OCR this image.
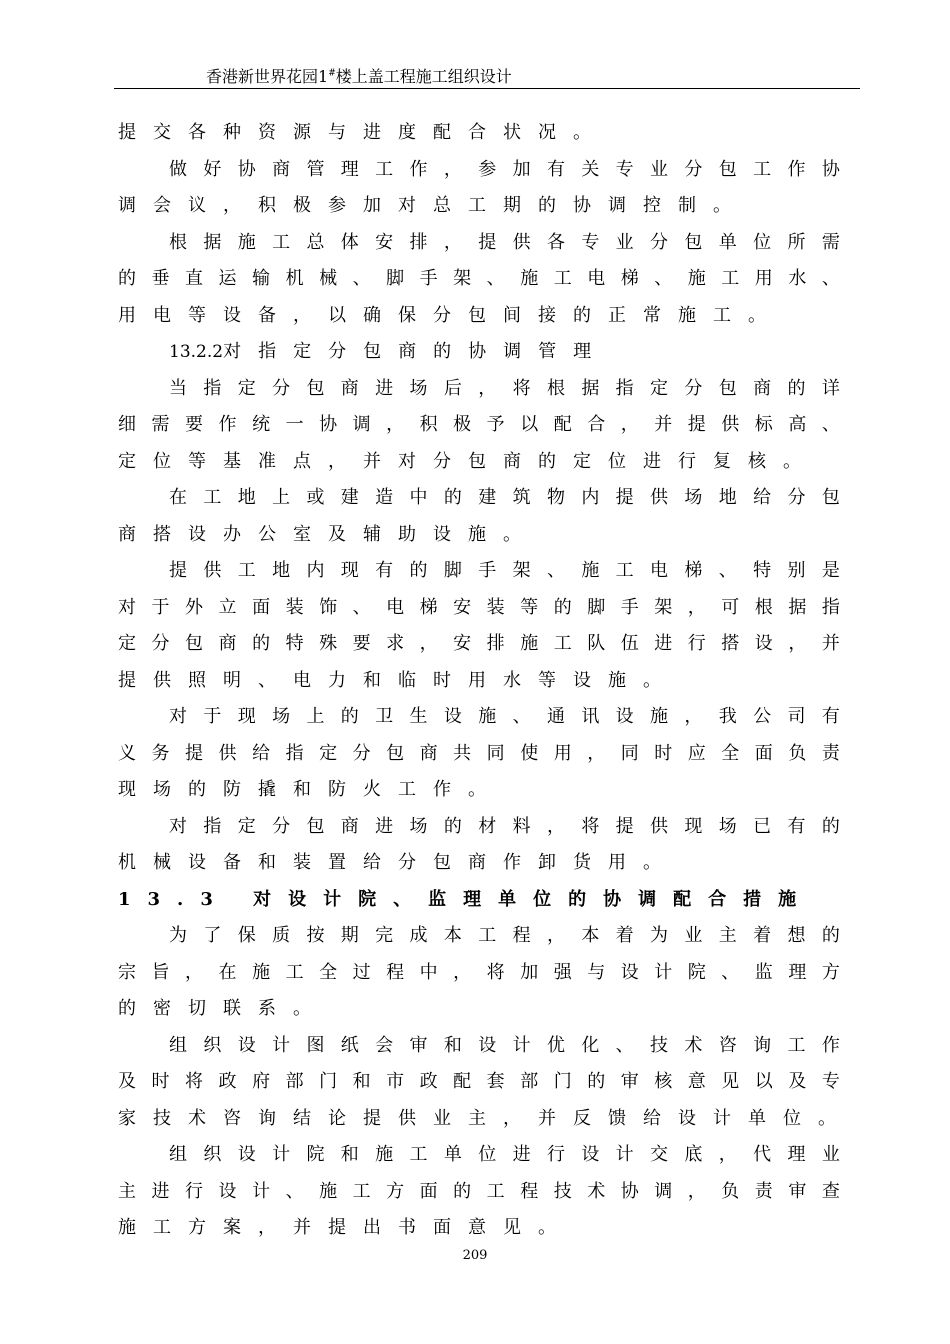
香港新世界花园1#楼上盖工程施工组织设计
提交各种资源与进度配合状况。
做 好 协 商 管 理 工 作 ， 参 加 有 关 专 业 分 包 工 作 协
调会议，积极参加对总工期的协调控制。
根 据 施 工 总 体 安 排 ， 提 供 各 专 业 分 包 单 位 所 需
的 垂 直 运 输 机 械 、 脚 手 架 、 施 工 电 梯 、 施 工 用 水 、
用电等设备，以确保分包间接的正常施工。
13.2.2对指定分包商的协调管理
当 指 定 分 包 商 进 场 后 ， 将 根 据 指 定 分 包 商 的 详
细 需 要 作 统 一 协 调 ， 积 极 予 以 配 合 ， 并 提 供 标 高 、
定位等基准点，并对分包商的定位进行复核。
在 工 地 上 或 建 造 中 的 建 筑 物 内 提 供 场 地 给 分 包
商搭设办公室及辅助设施。
提 供 工 地 内 现 有 的 脚 手 架 、 施 工 电 梯 、 特 别 是
对 于 外 立 面 装 饰 、 电 梯 安 装 等 的 脚 手 架 ， 可 根 据 指
定 分 包 商 的 特 殊 要 求 ， 安 排 施 工 队 伍 进 行 搭 设 ， 并
提供照明、电力和临时用水等设施。
对 于 现 场 上 的 卫 生 设 施 、 通 讯 设 施 ， 我 公 司 有
义 务 提 供 给 指 定 分 包 商 共 同 使 用 ， 同 时 应 全 面 负 责
现场的防撬和防火工作。
对 指 定 分 包 商 进 场 的 材 料 ， 将 提 供 现 场 已 有 的
机械设备和装置给分包商作卸货用。
13.3 对设计院、监理单位的协调配合措施
为 了 保 质 按 期 完 成 本 工 程 ， 本 着 为 业 主 着 想 的
宗 旨 ， 在 施 工 全 过 程 中 ， 将 加 强 与 设 计 院 、 监 理 方
的密切联系。
组 织 设 计 图 纸 会 审 和 设 计 优 化 、 技 术 咨 询 工 作
及 时 将 政 府 部 门 和 市 政 配 套 部 门 的 审 核 意 见 以 及 专
家技术咨询结论提供业主，并反馈给设计单位。
组 织 设 计 院 和 施 工 单 位 进 行 设 计 交 底 ， 代 理 业
主 进 行 设 计 、 施 工 方 面 的 工 程 技 术 协 调 ， 负 责 审 查
施工方案，并提出书面意见。
209
